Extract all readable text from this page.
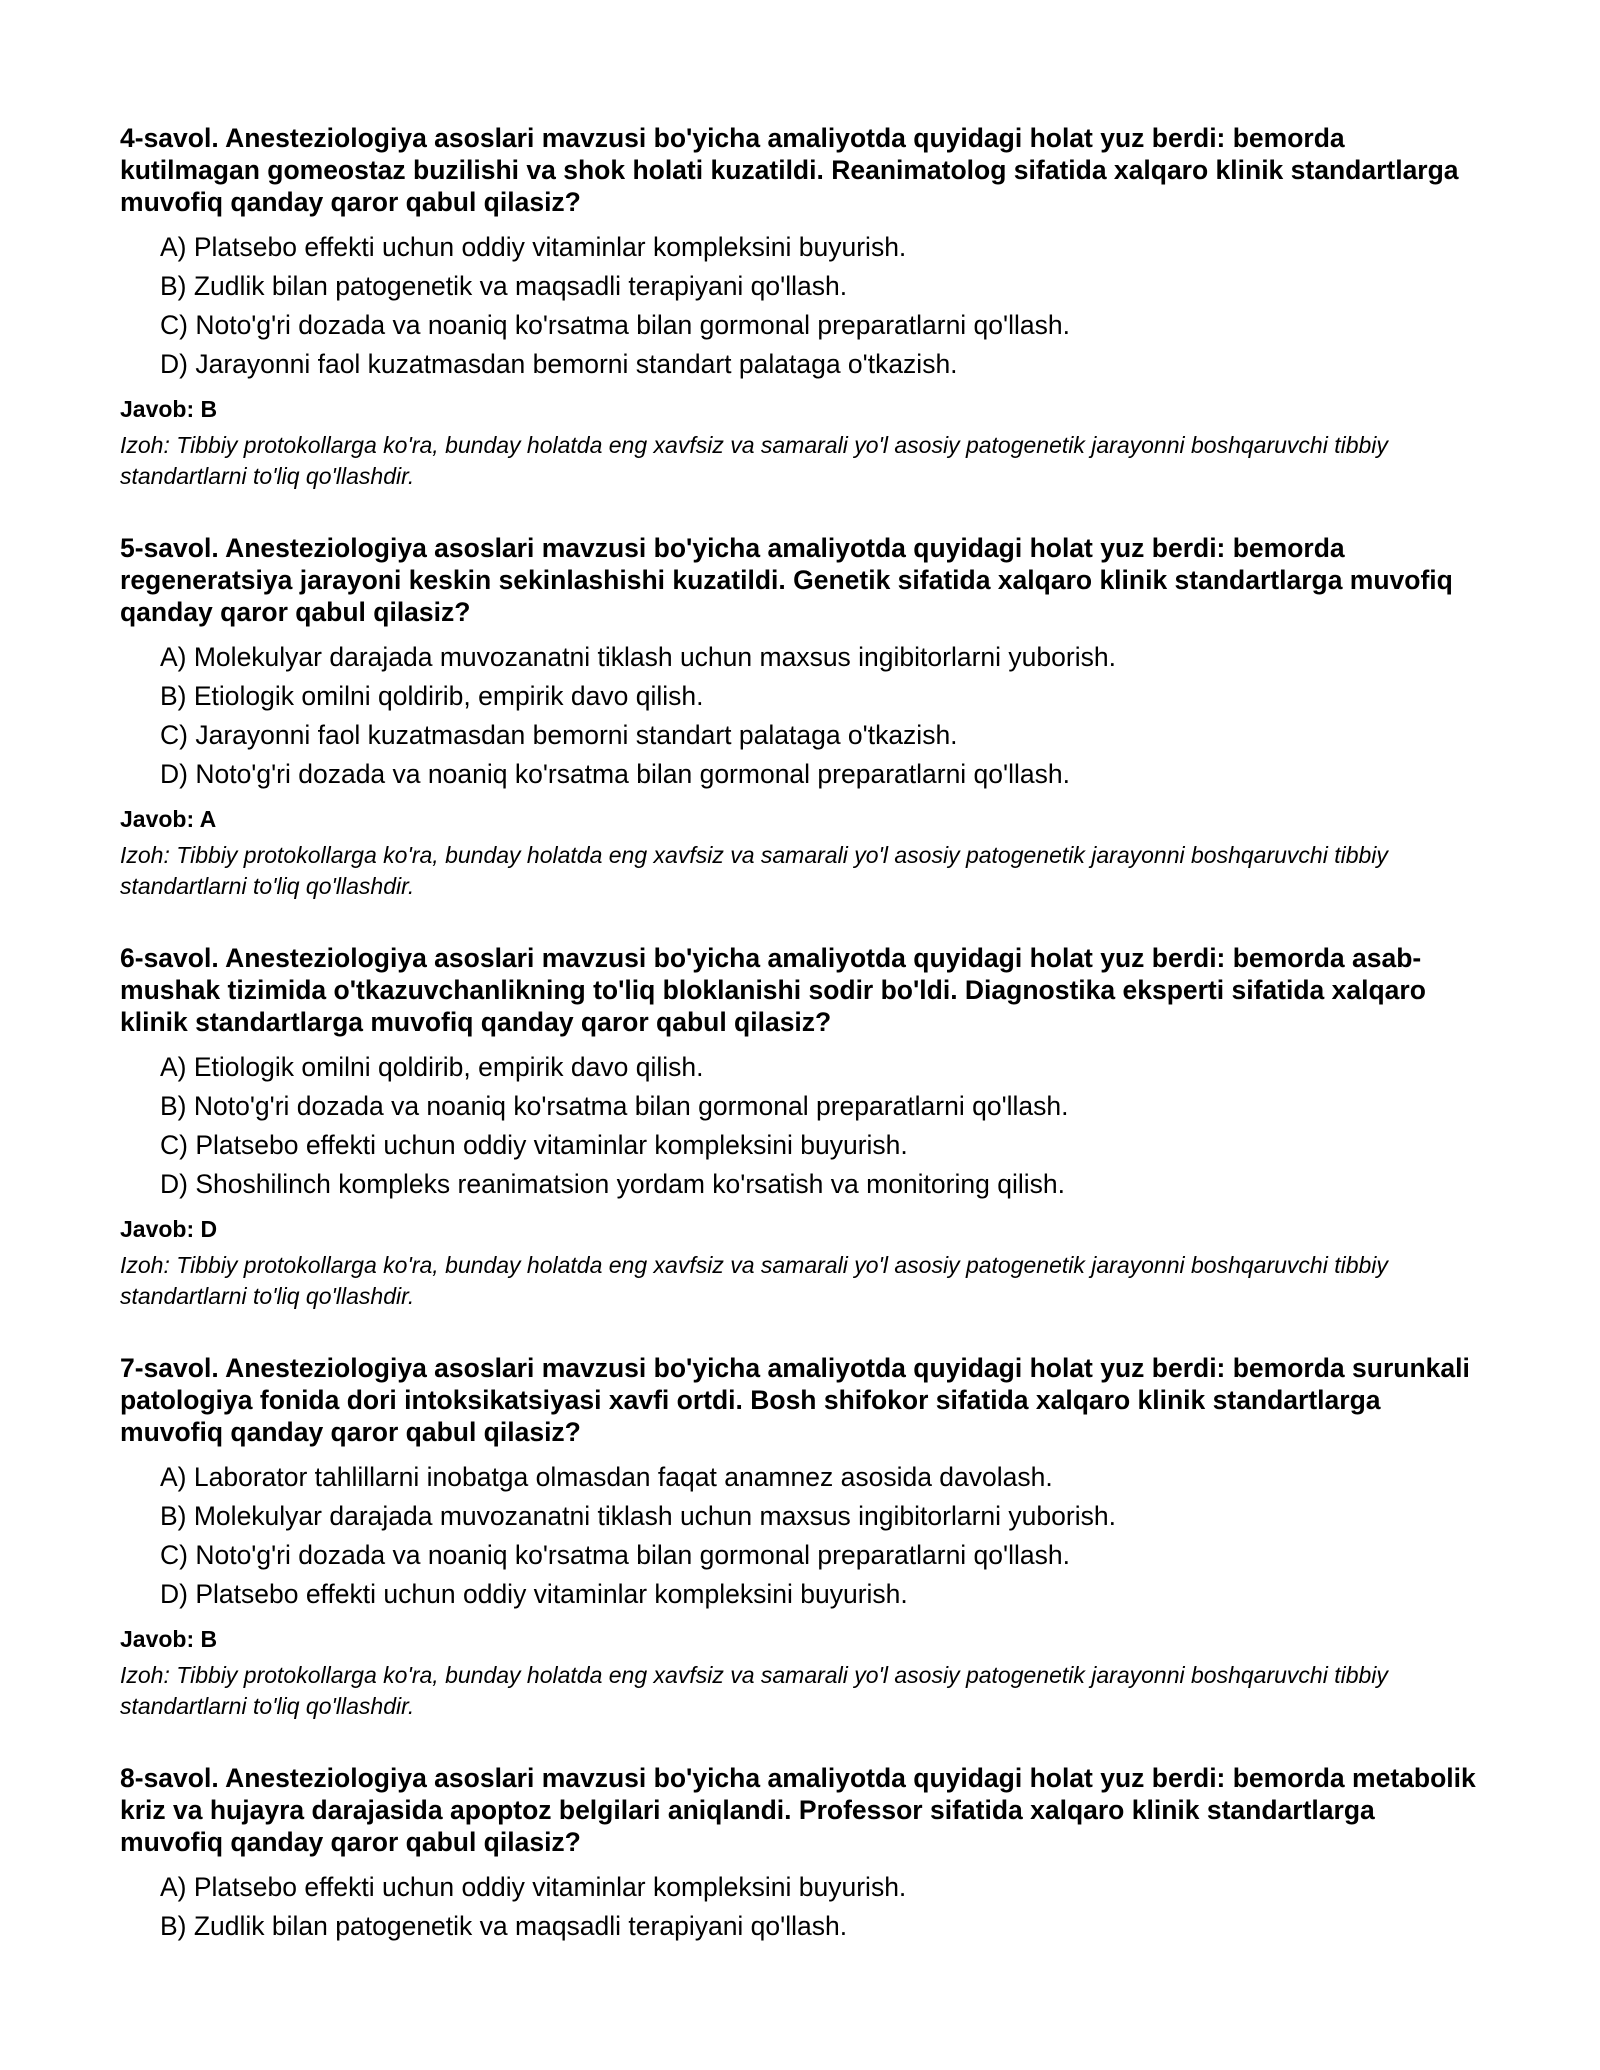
4-savol. Anesteziologiya asoslari mavzusi bo'yicha amaliyotda quyidagi holat yuz berdi: bemorda kutilmagan gomeostaz buzilishi va shok holati kuzatildi. Reanimatolog sifatida xalqaro klinik standartlarga muvofiq qanday qaror qabul qilasiz?

A) Platsebo effekti uchun oddiy vitaminlar kompleksini buyurish.
B) Zudlik bilan patogenetik va maqsadli terapiyani qo'llash.
C) Noto'g'ri dozada va noaniq ko'rsatma bilan gormonal preparatlarni qo'llash.
D) Jarayonni faol kuzatmasdan bemorni standart palataga o'tkazish.

Javob: B

Izoh: Tibbiy protokollarga ko'ra, bunday holatda eng xavfsiz va samarali yo'l asosiy patogenetik jarayonni boshqaruvchi tibbiy standartlarni to'liq qo'llashdir.

5-savol. Anesteziologiya asoslari mavzusi bo'yicha amaliyotda quyidagi holat yuz berdi: bemorda regeneratsiya jarayoni keskin sekinlashishi kuzatildi. Genetik sifatida xalqaro klinik standartlarga muvofiq qanday qaror qabul qilasiz?

A) Molekulyar darajada muvozanatni tiklash uchun maxsus ingibitorlarni yuborish.
B) Etiologik omilni qoldirib, empirik davo qilish.
C) Jarayonni faol kuzatmasdan bemorni standart palataga o'tkazish.
D) Noto'g'ri dozada va noaniq ko'rsatma bilan gormonal preparatlarni qo'llash.

Javob: A

Izoh: Tibbiy protokollarga ko'ra, bunday holatda eng xavfsiz va samarali yo'l asosiy patogenetik jarayonni boshqaruvchi tibbiy standartlarni to'liq qo'llashdir.

6-savol. Anesteziologiya asoslari mavzusi bo'yicha amaliyotda quyidagi holat yuz berdi: bemorda asab-mushak tizimida o'tkazuvchanlikning to'liq bloklanishi sodir bo'ldi. Diagnostika eksperti sifatida xalqaro klinik standartlarga muvofiq qanday qaror qabul qilasiz?

A) Etiologik omilni qoldirib, empirik davo qilish.
B) Noto'g'ri dozada va noaniq ko'rsatma bilan gormonal preparatlarni qo'llash.
C) Platsebo effekti uchun oddiy vitaminlar kompleksini buyurish.
D) Shoshilinch kompleks reanimatsion yordam ko'rsatish va monitoring qilish.

Javob: D

Izoh: Tibbiy protokollarga ko'ra, bunday holatda eng xavfsiz va samarali yo'l asosiy patogenetik jarayonni boshqaruvchi tibbiy standartlarni to'liq qo'llashdir.

7-savol. Anesteziologiya asoslari mavzusi bo'yicha amaliyotda quyidagi holat yuz berdi: bemorda surunkali patologiya fonida dori intoksikatsiyasi xavfi ortdi. Bosh shifokor sifatida xalqaro klinik standartlarga muvofiq qanday qaror qabul qilasiz?

A) Laborator tahlillarni inobatga olmasdan faqat anamnez asosida davolash.
B) Molekulyar darajada muvozanatni tiklash uchun maxsus ingibitorlarni yuborish.
C) Noto'g'ri dozada va noaniq ko'rsatma bilan gormonal preparatlarni qo'llash.
D) Platsebo effekti uchun oddiy vitaminlar kompleksini buyurish.

Javob: B

Izoh: Tibbiy protokollarga ko'ra, bunday holatda eng xavfsiz va samarali yo'l asosiy patogenetik jarayonni boshqaruvchi tibbiy standartlarni to'liq qo'llashdir.

8-savol. Anesteziologiya asoslari mavzusi bo'yicha amaliyotda quyidagi holat yuz berdi: bemorda metabolik kriz va hujayra darajasida apoptoz belgilari aniqlandi. Professor sifatida xalqaro klinik standartlarga muvofiq qanday qaror qabul qilasiz?

A) Platsebo effekti uchun oddiy vitaminlar kompleksini buyurish.
B) Zudlik bilan patogenetik va maqsadli terapiyani qo'llash.
